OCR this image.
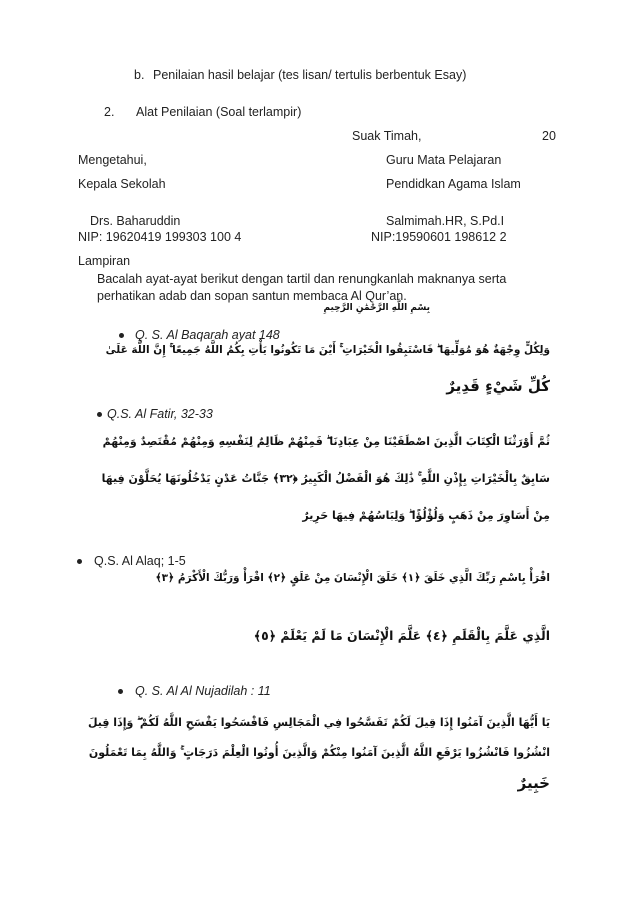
b. Penilaian hasil belajar (tes lisan/ tertulis berbentuk Esay)
2. Alat Penilaian (Soal terlampir)
Suak Timah,	20
Mengetahui,	Guru Mata Pelajaran
Kepala Sekolah	Pendidkan Agama Islam
Drs. Baharuddin	Salmimah.HR, S.Pd.I
NIP: 19620419 199303 100 4	NIP:19590601 198612 2
Lampiran
Bacalah ayat-ayat berikut dengan tartil dan renungkanlah maknanya serta perhatikan adab dan sopan santun membaca Al Qur’an.
بِسْمِ اللَّهِ الرَّحْمَٰنِ الرَّحِيمِ
Q. S. Al Baqarah ayat 148
وَلِكُلٍّ وِجْهَةٌ هُوَ مُوَلِّيهَا ۖ فَاسْتَبِقُوا الْخَيْرَاتِ ۚ أَيْنَ مَا تَكُونُوا يَأْتِ بِكُمُ اللَّهُ جَمِيعًا ۚ إِنَّ اللَّهَ عَلَىٰ
كُلِّ شَيْءٍ قَدِيرٌ
Q.S. Al Fatir, 32-33
ثُمَّ أَوْرَثْنَا الْكِتَابَ الَّذِينَ اصْطَفَيْنَا مِنْ عِبَادِنَا ۖ فَمِنْهُمْ ظَالِمٌ لِنَفْسِهِ وَمِنْهُمْ مُقْتَصِدٌ وَمِنْهُمْ
سَابِقٌ بِالْخَيْرَاتِ بِإِذْنِ اللَّهِ ۚ ذَٰلِكَ هُوَ الْفَضْلُ الْكَبِيرُ ﴿٣٢﴾ جَنَّاتُ عَدْنٍ يَدْخُلُونَهَا يُحَلَّوْنَ فِيهَا
مِنْ أَسَاوِرَ مِنْ ذَهَبٍ وَلُؤْلُؤًا ۖ وَلِبَاسُهُمْ فِيهَا حَرِيرٌ
Q.S. Al Alaq; 1-5
اقْرَأْ بِاسْمِ رَبِّكَ الَّذِي خَلَقَ ﴿١﴾ خَلَقَ الْإِنْسَانَ مِنْ عَلَقٍ ﴿٢﴾ اقْرَأْ وَرَبُّكَ الْأَكْرَمُ ﴿٣﴾
الَّذِي عَلَّمَ بِالْقَلَمِ ﴿٤﴾ عَلَّمَ الْإِنْسَانَ مَا لَمْ يَعْلَمْ ﴿٥﴾
Q. S. Al Al Nujadilah : 11
يَا أَيُّهَا الَّذِينَ آمَنُوا إِذَا قِيلَ لَكُمْ تَفَسَّحُوا فِي الْمَجَالِسِ فَافْسَحُوا يَفْسَحِ اللَّهُ لَكُمْ ۖ وَإِذَا قِيلَ
انْشُزُوا فَانْشُزُوا يَرْفَعِ اللَّهُ الَّذِينَ آمَنُوا مِنْكُمْ وَالَّذِينَ أُوتُوا الْعِلْمَ دَرَجَاتٍ ۚ وَاللَّهُ بِمَا تَعْمَلُونَ
خَبِيرٌ
